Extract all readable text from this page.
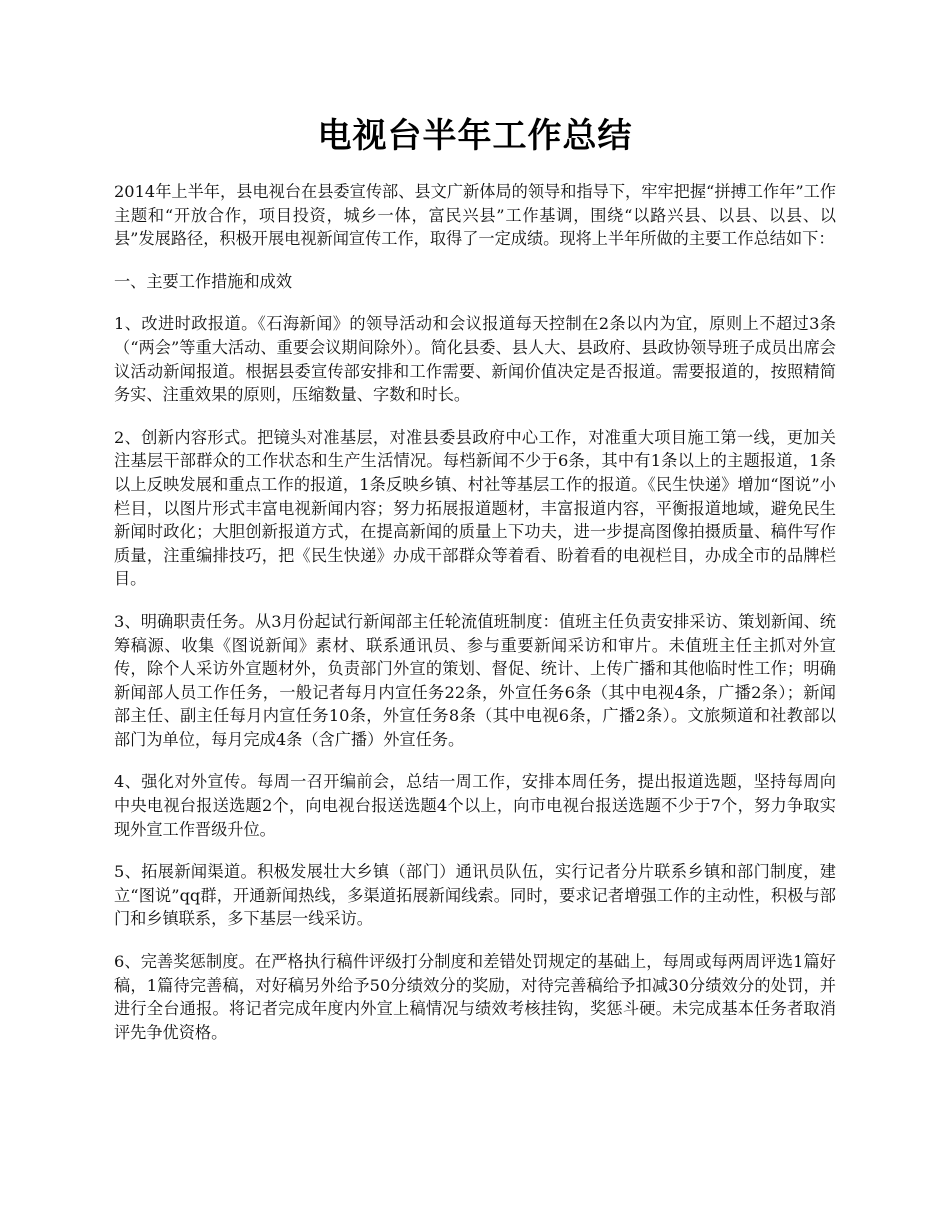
电视台半年工作总结

2014年上半年，县电视台在县委宣传部、县文广新体局的领导和指导下，牢牢把握“拼搏工作年”工作主题和“开放合作，项目投资，城乡一体，富民兴县”工作基调，围绕“以路兴县、以县、以县、以县”发展路径，积极开展电视新闻宣传工作，取得了一定成绩。现将上半年所做的主要工作总结如下：

一、主要工作措施和成效

1、改进时政报道。《石海新闻》的领导活动和会议报道每天控制在2条以内为宜，原则上不超过3条（“两会”等重大活动、重要会议期间除外）。简化县委、县人大、县政府、县政协领导班子成员出席会议活动新闻报道。根据县委宣传部安排和工作需要、新闻价值决定是否报道。需要报道的，按照精简务实、注重效果的原则，压缩数量、字数和时长。

2、创新内容形式。把镜头对准基层，对准县委县政府中心工作，对准重大项目施工第一线，更加关注基层干部群众的工作状态和生产生活情况。每档新闻不少于6条，其中有1条以上的主题报道，1条以上反映发展和重点工作的报道，1条反映乡镇、村社等基层工作的报道。《民生快递》增加“图说”小栏目，以图片形式丰富电视新闻内容；努力拓展报道题材，丰富报道内容，平衡报道地域，避免民生新闻时政化；大胆创新报道方式，在提高新闻的质量上下功夫，进一步提高图像拍摄质量、稿件写作质量，注重编排技巧，把《民生快递》办成干部群众等着看、盼着看的电视栏目，办成全市的品牌栏目。

3、明确职责任务。从3月份起试行新闻部主任轮流值班制度：值班主任负责安排采访、策划新闻、统筹稿源、收集《图说新闻》素材、联系通讯员、参与重要新闻采访和审片。未值班主任主抓对外宣传，除个人采访外宣题材外，负责部门外宣的策划、督促、统计、上传广播和其他临时性工作；明确新闻部人员工作任务，一般记者每月内宣任务22条，外宣任务6条（其中电视4条，广播2条）；新闻部主任、副主任每月内宣任务10条，外宣任务8条（其中电视6条，广播2条）。文旅频道和社教部以部门为单位，每月完成4条（含广播）外宣任务。

4、强化对外宣传。每周一召开编前会，总结一周工作，安排本周任务，提出报道选题，坚持每周向中央电视台报送选题2个，向电视台报送选题4个以上，向市电视台报送选题不少于7个，努力争取实现外宣工作晋级升位。

5、拓展新闻渠道。积极发展壮大乡镇（部门）通讯员队伍，实行记者分片联系乡镇和部门制度，建立“图说”qq群，开通新闻热线，多渠道拓展新闻线索。同时，要求记者增强工作的主动性，积极与部门和乡镇联系，多下基层一线采访。

6、完善奖惩制度。在严格执行稿件评级打分制度和差错处罚规定的基础上，每周或每两周评选1篇好稿，1篇待完善稿，对好稿另外给予50分绩效分的奖励，对待完善稿给予扣减30分绩效分的处罚，并进行全台通报。将记者完成年度内外宣上稿情况与绩效考核挂钩，奖惩斗硬。未完成基本任务者取消评先争优资格。
